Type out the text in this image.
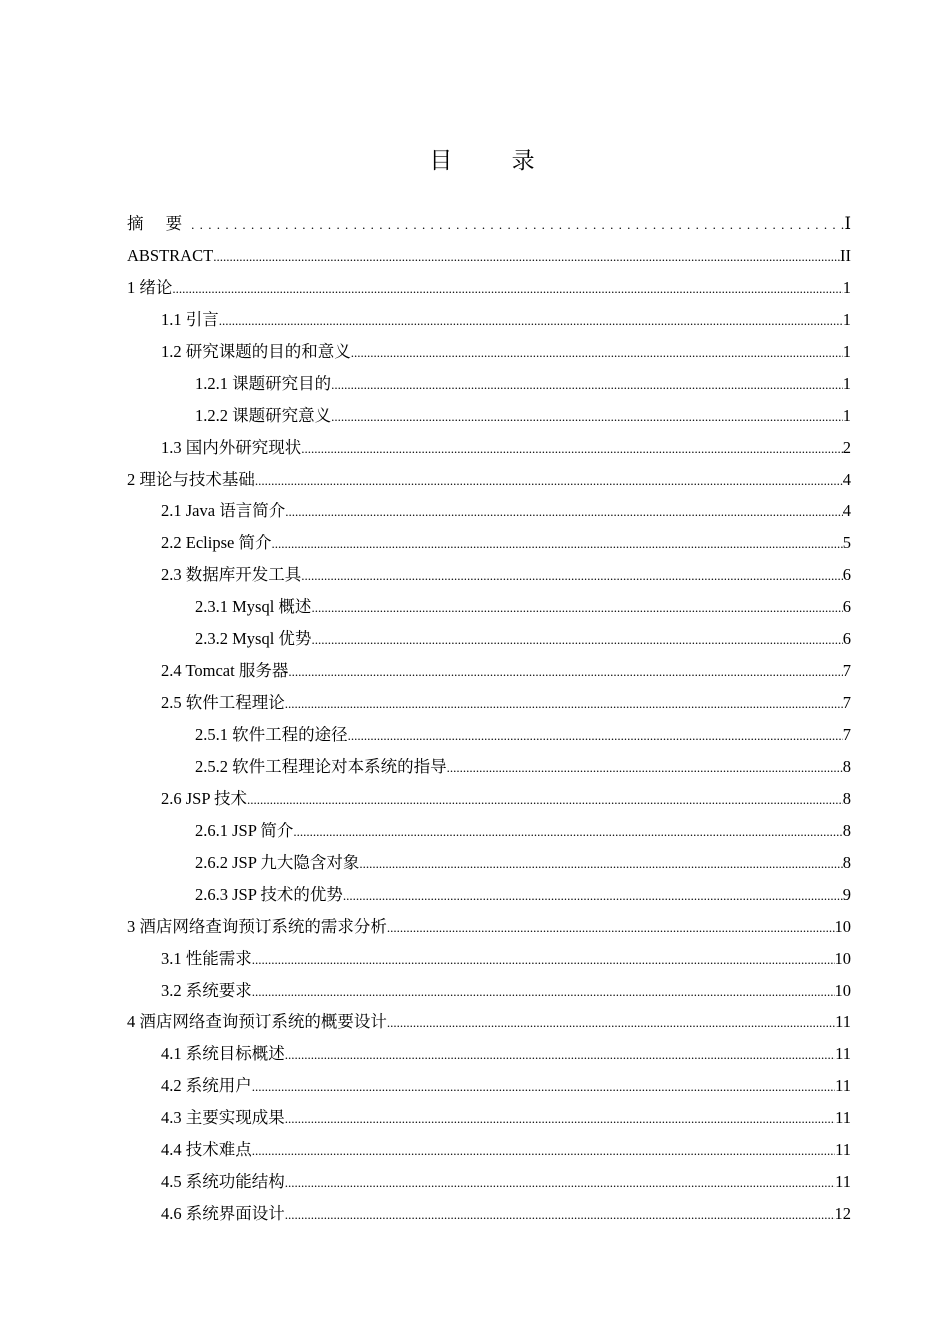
目 录
摘 要 .....	Ⅰ
ABSTRACT .....	II
1 绪论 .....	1
1.1 引言 .....	1
1.2 研究课题的目的和意义 .....	1
1.2.1 课题研究目的 .....	1
1.2.2 课题研究意义 .....	1
1.3 国内外研究现状 .....	2
2 理论与技术基础 .....	4
2.1 Java 语言简介 .....	4
2.2 Eclipse 简介 .....	5
2.3 数据库开发工具 .....	6
2.3.1 Mysql 概述 .....	6
2.3.2 Mysql 优势 .....	6
2.4 Tomcat 服务器 .....	7
2.5 软件工程理论 .....	7
2.5.1 软件工程的途径 .....	7
2.5.2 软件工程理论对本系统的指导 .....	8
2.6 JSP 技术 .....	8
2.6.1 JSP 简介 .....	8
2.6.2 JSP 九大隐含对象 .....	8
2.6.3 JSP 技术的优势 .....	9
3 酒店网络查询预订系统的需求分析 .....	10
3.1 性能需求 .....	10
3.2 系统要求 .....	10
4 酒店网络查询预订系统的概要设计 .....	11
4.1 系统目标概述 .....	11
4.2 系统用户 .....	11
4.3 主要实现成果 .....	11
4.4 技术难点 .....	11
4.5 系统功能结构 .....	11
4.6 系统界面设计 .....	12
